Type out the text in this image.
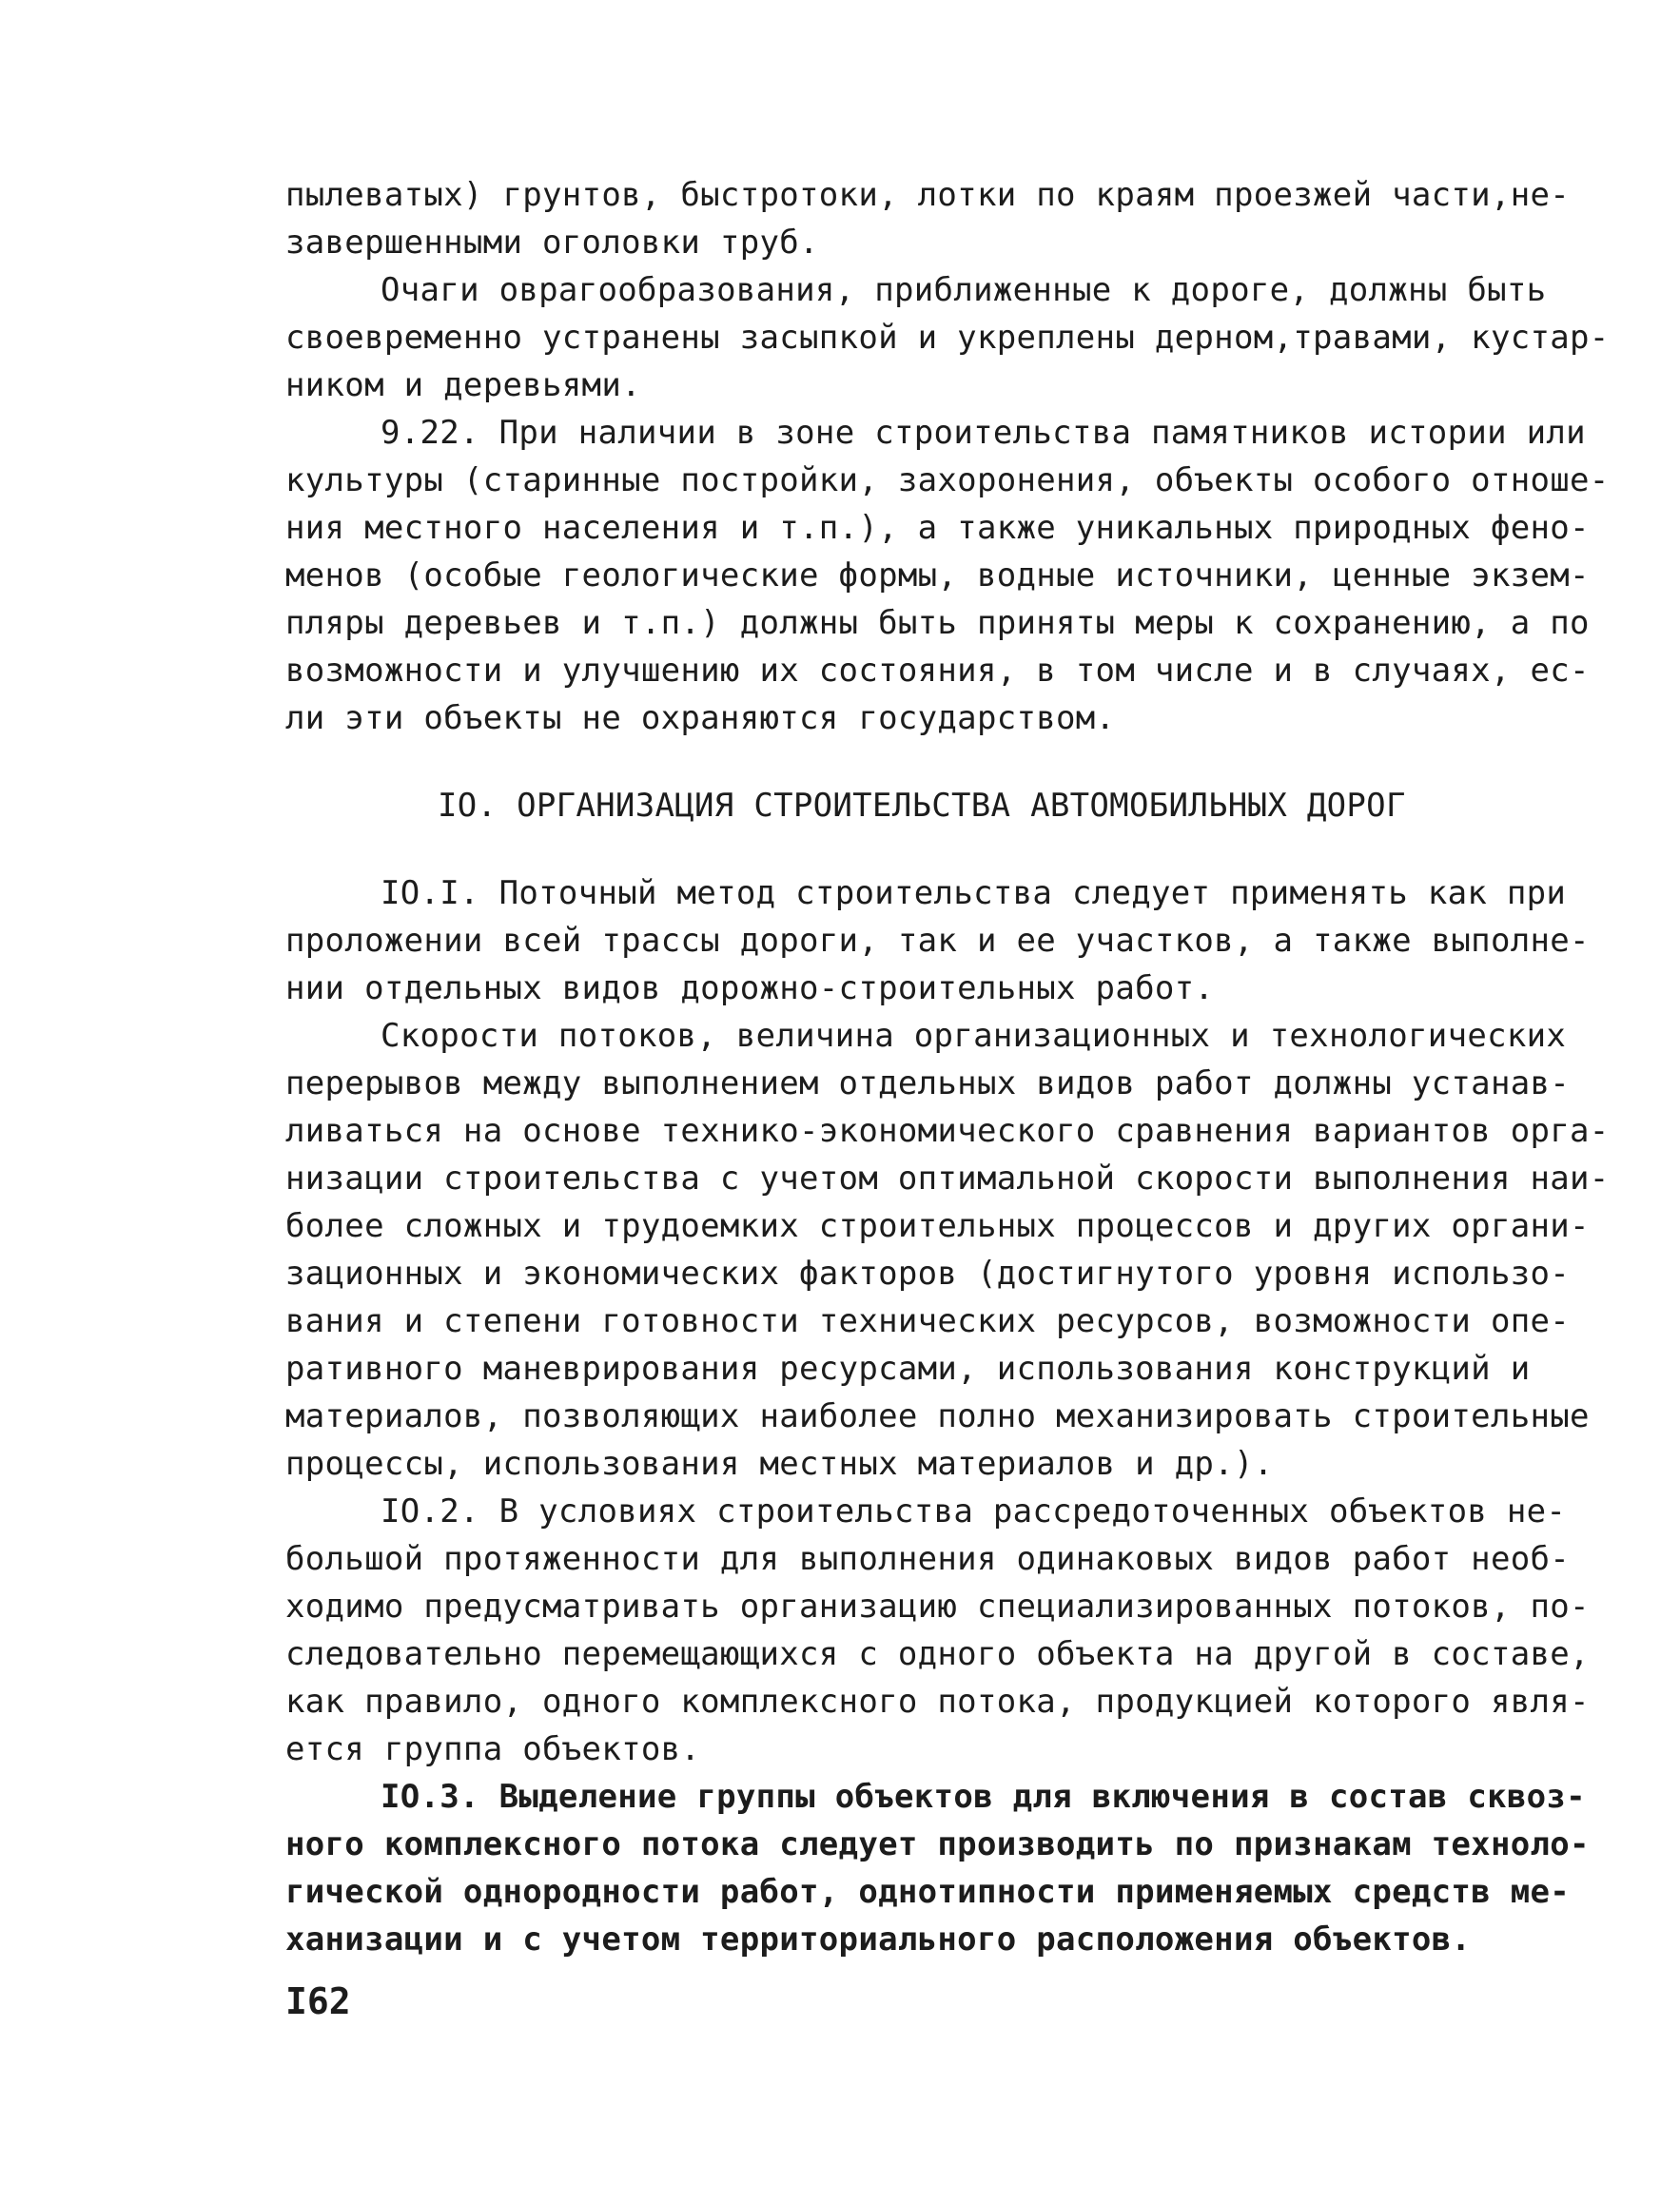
пылеватых) грунтов, быстротоки, лотки по краям проезжей части,не-
завершенными оголовки труб.
Очаги оврагообразования, приближенные к дороге, должны быть
своевременно устранены засыпкой и укреплены дерном,травами, кустар-
ником и деревьями.
9.22. При наличии в зоне строительства памятников истории или
культуры (старинные постройки, захоронения, объекты особого отноше-
ния местного населения и т.п.), а также уникальных природных фено-
менов (особые геологические формы, водные источники, ценные экзем-
пляры деревьев и т.п.) должны быть приняты меры к сохранению, а по
возможности и улучшению их состояния, в том числе и в случаях, ес-
ли эти объекты не охраняются государством.
IO. ОРГАНИЗАЦИЯ СТРОИТЕЛЬСТВА АВТОМОБИЛЬНЫХ ДОРОГ
IO.I. Поточный метод строительства следует применять как при
проложении всей трассы дороги, так и ее участков, а также выполне-
нии отдельных видов дорожно-строительных работ.
Скорости потоков, величина организационных и технологических
перерывов между выполнением отдельных видов работ должны устанав-
ливаться на основе технико-экономического сравнения вариантов орга-
низации строительства с учетом оптимальной скорости выполнения наи-
более сложных и трудоемких строительных процессов и других органи-
зационных и экономических факторов (достигнутого уровня использо-
вания и степени готовности технических ресурсов, возможности опе-
ративного маневрирования ресурсами, использования конструкций и
материалов, позволяющих наиболее полно механизировать строительные
процессы, использования местных материалов и др.).
IO.2. В условиях строительства рассредоточенных объектов не-
большой протяженности для выполнения одинаковых видов работ необ-
ходимо предусматривать организацию специализированных потоков, по-
следовательно перемещающихся с одного объекта на другой в составе,
как правило, одного комплексного потока, продукцией которого явля-
ется группа объектов.
IO.3. Выделение группы объектов для включения в состав сквоз-
ного комплексного потока следует производить по признакам техноло-
гической однородности работ, однотипности применяемых средств ме-
ханизации и с учетом территориального расположения объектов.
I62
